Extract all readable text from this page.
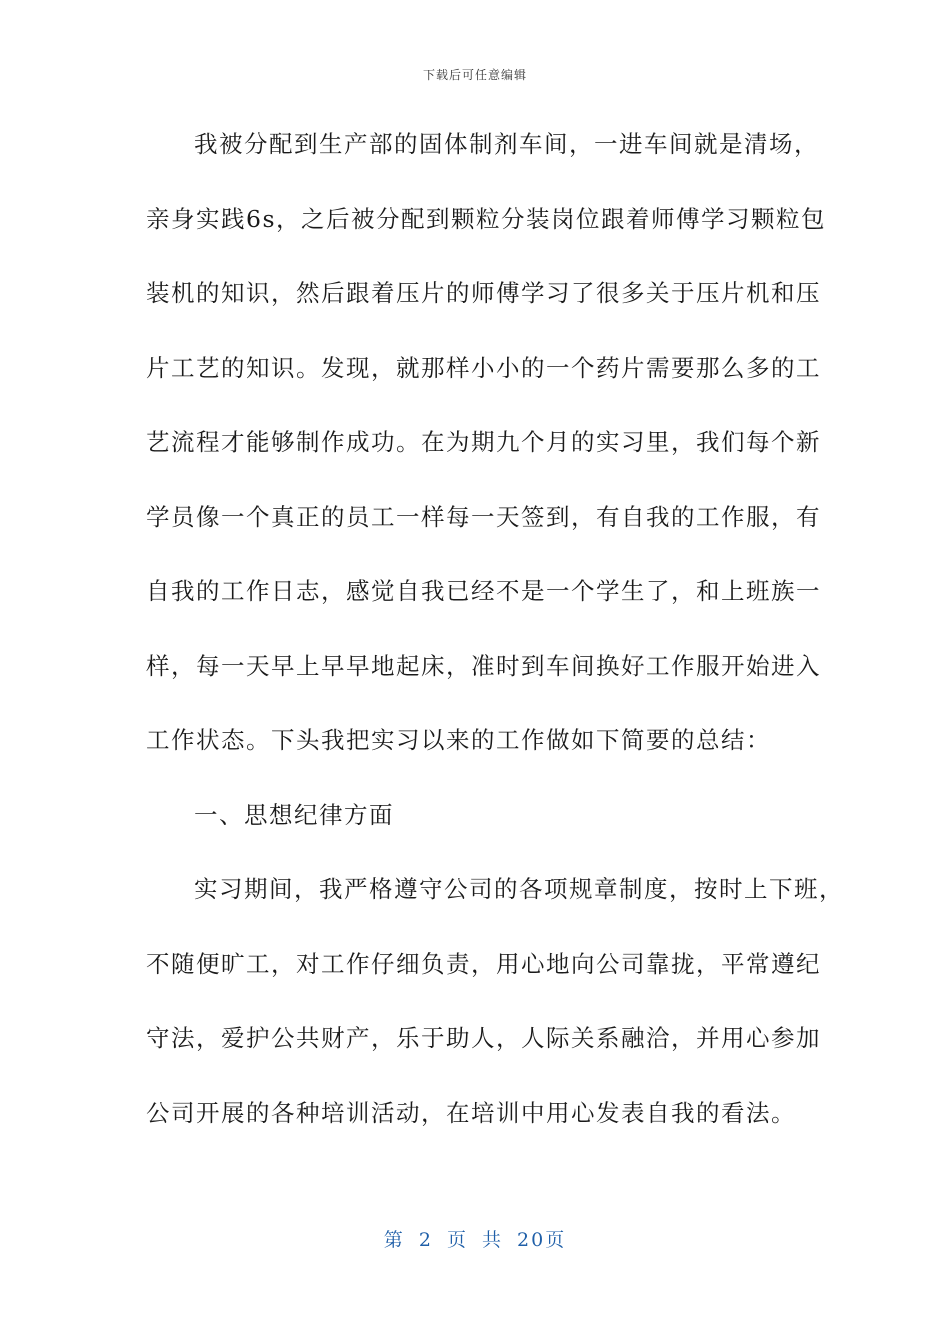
下载后可任意编辑
我被分配到生产部的固体制剂车间，一进车间就是清场，
亲身实践6s，之后被分配到颗粒分装岗位跟着师傅学习颗粒包
装机的知识，然后跟着压片的师傅学习了很多关于压片机和压
片工艺的知识。发现，就那样小小的一个药片需要那么多的工
艺流程才能够制作成功。在为期九个月的实习里，我们每个新
学员像一个真正的员工一样每一天签到，有自我的工作服，有
自我的工作日志，感觉自我已经不是一个学生了，和上班族一
样，每一天早上早早地起床，准时到车间换好工作服开始进入
工作状态。下头我把实习以来的工作做如下简要的总结：
一、思想纪律方面
实习期间，我严格遵守公司的各项规章制度，按时上下班，
不随便旷工，对工作仔细负责，用心地向公司靠拢，平常遵纪
守法，爱护公共财产，乐于助人，人际关系融洽，并用心参加
公司开展的各种培训活动，在培训中用心发表自我的看法。
第 2 页 共 20页
